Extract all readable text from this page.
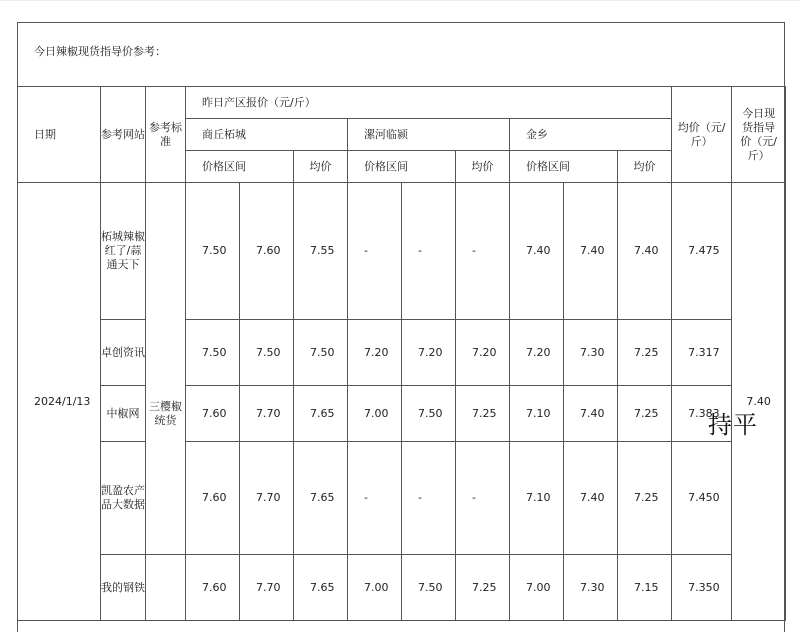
今日辣椒现货指导价参考：
日期	参考网站	参考标准	昨日产区报价（元/斤）									均价（元/斤）	今日现货指导价（元/斤）
			商丘柘城			漯河临颍			金乡				
			价格区间		均价	价格区间		均价	价格区间		均价		
2024/1/13	柘城辣椒红了/蒜通天下		7.50	7.60	7.55	-	-	-	7.40	7.40	7.40	7.475	7.40
	卓创资讯		7.50	7.50	7.50	7.20	7.20	7.20	7.20	7.30	7.25	7.317	
	中椒网	三樱椒统货	7.60	7.70	7.65	7.00	7.50	7.25	7.10	7.40	7.25	7.383	
	凯盈农产品大数据		7.60	7.70	7.65	-	-	-	7.10	7.40	7.25	7.450	
	我的钢铁		7.60	7.70	7.65	7.00	7.50	7.25	7.00	7.30	7.15	7.350	
持平
